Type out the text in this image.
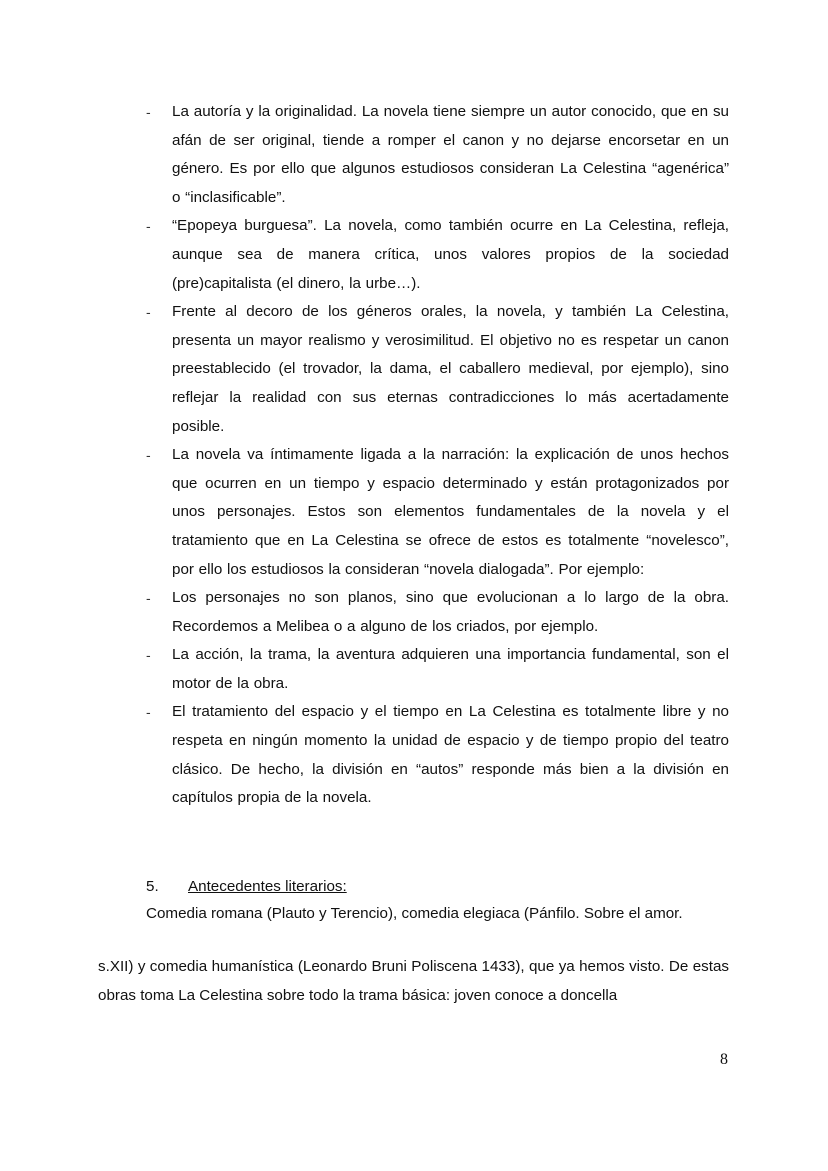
- La autoría y la originalidad. La novela tiene siempre un autor conocido, que en su afán de ser original, tiende a romper el canon y no dejarse encorsetar en un género. Es por ello que algunos estudiosos consideran La Celestina “agenérica” o “inclasificable”.
- “Epopeya burguesa”. La novela, como también ocurre en La Celestina, refleja, aunque sea de manera crítica, unos valores propios de la sociedad (pre)capitalista (el dinero, la urbe…).
- Frente al decoro de los géneros orales, la novela, y también La Celestina, presenta un mayor realismo y verosimilitud. El objetivo no es respetar un canon preestablecido (el trovador, la dama, el caballero medieval, por ejemplo), sino reflejar la realidad con sus eternas contradicciones lo más acertadamente posible.
- La novela va íntimamente ligada a la narración: la explicación de unos hechos que ocurren en un tiempo y espacio determinado y están protagonizados por unos personajes. Estos son elementos fundamentales de la novela y el tratamiento que en La Celestina se ofrece de estos es totalmente “novelesco”, por ello los estudiosos la consideran “novela dialogada”. Por ejemplo:
- Los personajes no son planos, sino que evolucionan a lo largo de la obra. Recordemos a Melibea o a alguno de los criados, por ejemplo.
- La acción, la trama, la aventura adquieren una importancia fundamental, son el motor de la obra.
- El tratamiento del espacio y el tiempo en La Celestina es totalmente libre y no respeta en ningún momento la unidad de espacio y de tiempo propio del teatro clásico. De hecho, la división en “autos” responde más bien a la división en capítulos propia de la novela.
5. Antecedentes literarios:
Comedia romana (Plauto y Terencio), comedia elegiaca (Pánfilo. Sobre el amor.
s.XII) y comedia humanística (Leonardo Bruni Poliscena 1433), que ya hemos visto. De estas obras toma La Celestina sobre todo la trama básica: joven conoce a doncella
8
